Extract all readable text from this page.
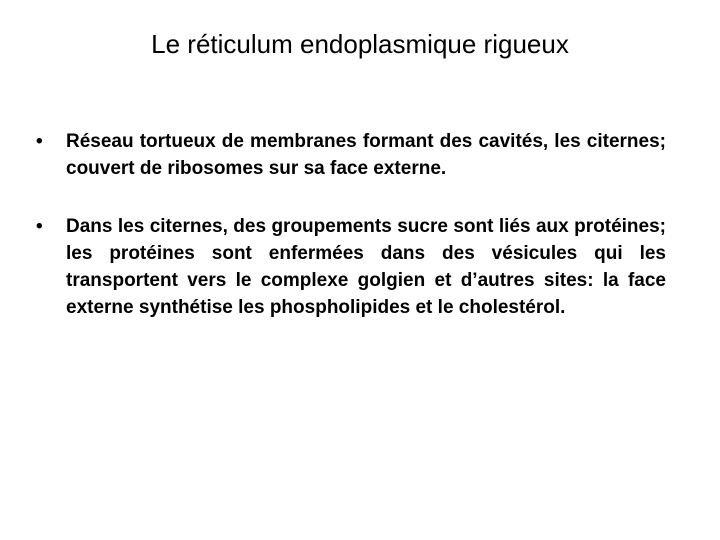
Le réticulum endoplasmique rigueux
• Réseau tortueux de membranes formant des cavités, les citernes; couvert de ribosomes sur sa face externe.
• Dans les citernes, des groupements sucre sont liés aux protéines; les protéines sont enfermées dans des vésicules qui les transportent vers le complexe golgien et d’autres sites: la face externe synthétise les phospholipides et le cholestérol.
